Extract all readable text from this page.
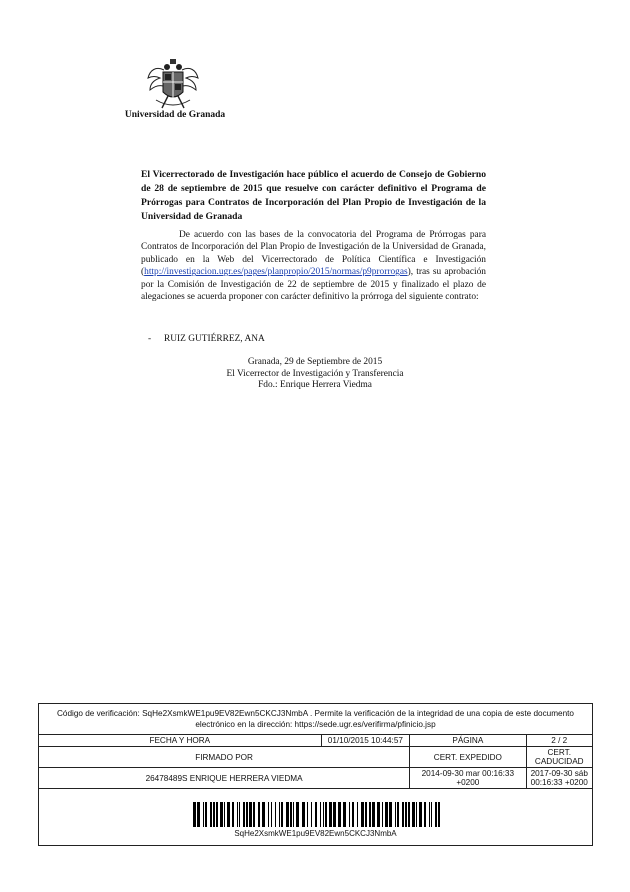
Universidad de Granada
El Vicerrectorado de Investigación hace público el acuerdo de Consejo de Gobierno de 28 de septiembre de 2015 que resuelve con carácter definitivo el Programa de Prórrogas para Contratos de Incorporación del Plan Propio de Investigación de la Universidad de Granada
De acuerdo con las bases de la convocatoria del Programa de Prórrogas para Contratos de Incorporación del Plan Propio de Investigación de la Universidad de Granada, publicado en la Web del Vicerrectorado de Política Científica e Investigación (http://investigacion.ugr.es/pages/planpropio/2015/normas/p9prorrogas), tras su aprobación por la Comisión de Investigación de 22 de septiembre de 2015 y finalizado el plazo de alegaciones se acuerda proponer con carácter definitivo la prórroga del siguiente contrato:
- RUIZ GUTIÉRREZ, ANA
Granada, 29 de Septiembre de 2015
El Vicerrector de Investigación y Transferencia
Fdo.: Enrique Herrera Viedma
Código de verificación: SqHe2XsmkWE1pu9EV82Ewn5CKCJ3NmbA . Permite la verificación de la integridad de una copia de este documento electrónico en la dirección: https://sede.ugr.es/verifirma/pfinicio.jsp			
FECHA Y HORA	01/10/2015 10:44:57	PÁGINA	2 / 2
FIRMADO POR		CERT. EXPEDIDO	CERT. CADUCIDAD
26478489S ENRIQUE HERRERA VIEDMA		2014-09-30 mar 00:16:33 +0200	2017-09-30 sáb 00:16:33 +0200

SqHe2XsmkWE1pu9EV82Ewn5CKCJ3NmbA			
